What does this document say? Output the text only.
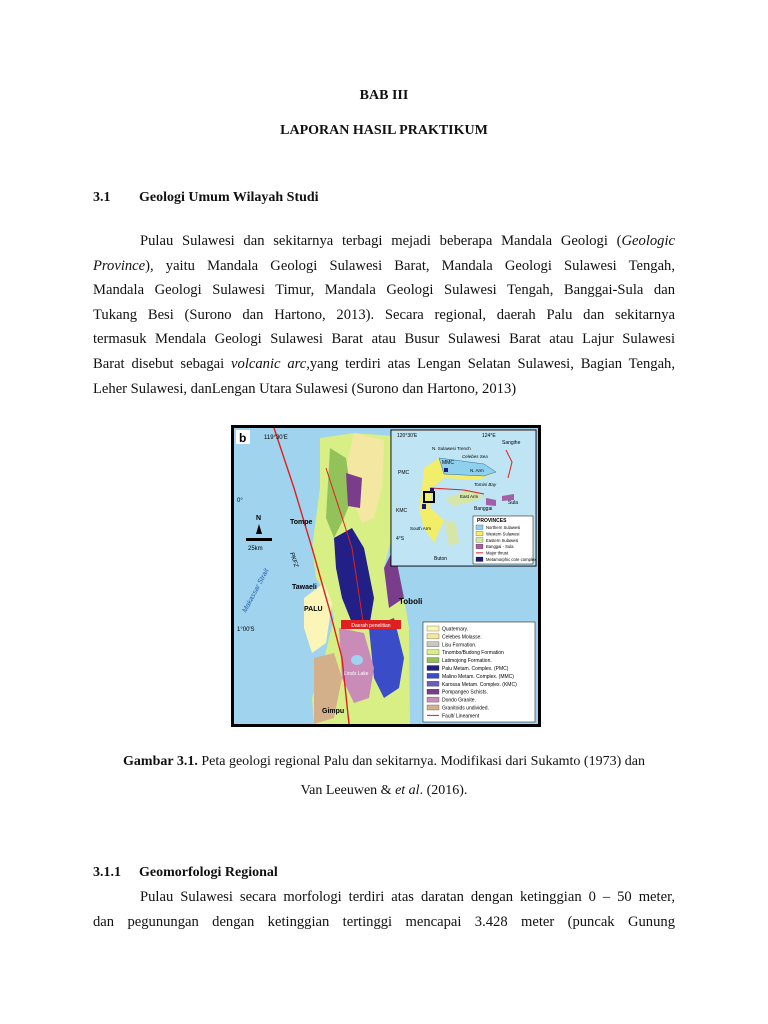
BAB III
LAPORAN HASIL PRAKTIKUM
3.1 Geologi Umum Wilayah Studi
Pulau Sulawesi dan sekitarnya terbagi mejadi beberapa Mandala Geologi (Geologic
Province), yaitu Mandala Geologi Sulawesi Barat, Mandala Geologi Sulawesi Tengah,
Mandala Geologi Sulawesi Timur, Mandala Geologi Sulawesi Tengah, Banggai-Sula dan
Tukang Besi (Surono dan Hartono, 2013). Secara regional, daerah Palu dan sekitarnya
termasuk Mendala Geologi Sulawesi Barat atau Busur Sulawesi Barat atau Lajur Sulawesi
Barat disebut sebagai volcanic arc,yang terdiri atas Lengan Selatan Sulawesi, Bagian Tengah,
Leher Sulawesi, danLengan Utara Sulawesi (Surono dan Hartono, 2013)
Daerah penelitian
b	119°30'E
0°
1°00'S
N
25km
Tompe
Toboli
Tawaeli
PALU
Gimpu
Lindu Lake
Makassar Strait
PKFZ
120°30'E	124°E
Sangihe
N. Sulawesi Trench
Celebes Sea
N. Arm
Tomini Bay
MMC
PMC
KMC
East Arm
Banggai
Sula
4°S
South Arm
Buton
PROVINCES
Northern Sulawesi
Western Sulawesi
Eastern Sulawesi
Banggai - Sula
Major thrust
Metamorphic core complex
Quaternary.
Celebes Molasse.
Lisu Formation.
Tinombo/Budong Formation
Latimojong Formation.
Palu Metam. Complex. (PMC)
Malino Metam. Complex. (MMC)
Karossa Metam. Complex. (KMC)
Pompangeo Schists.
Dondo Granite.
Granitoids undivided.
Fault/ Lineament
Gambar 3.1. Peta geologi regional Palu dan sekitarnya. Modifikasi dari Sukamto (1973) dan
Van Leeuwen & et al. (2016).
3.1.1 Geomorfologi Regional
Pulau Sulawesi secara morfologi terdiri atas daratan dengan ketinggian 0 – 50 meter,
dan pegunungan dengan ketinggian tertinggi mencapai 3.428 meter (puncak Gunung
